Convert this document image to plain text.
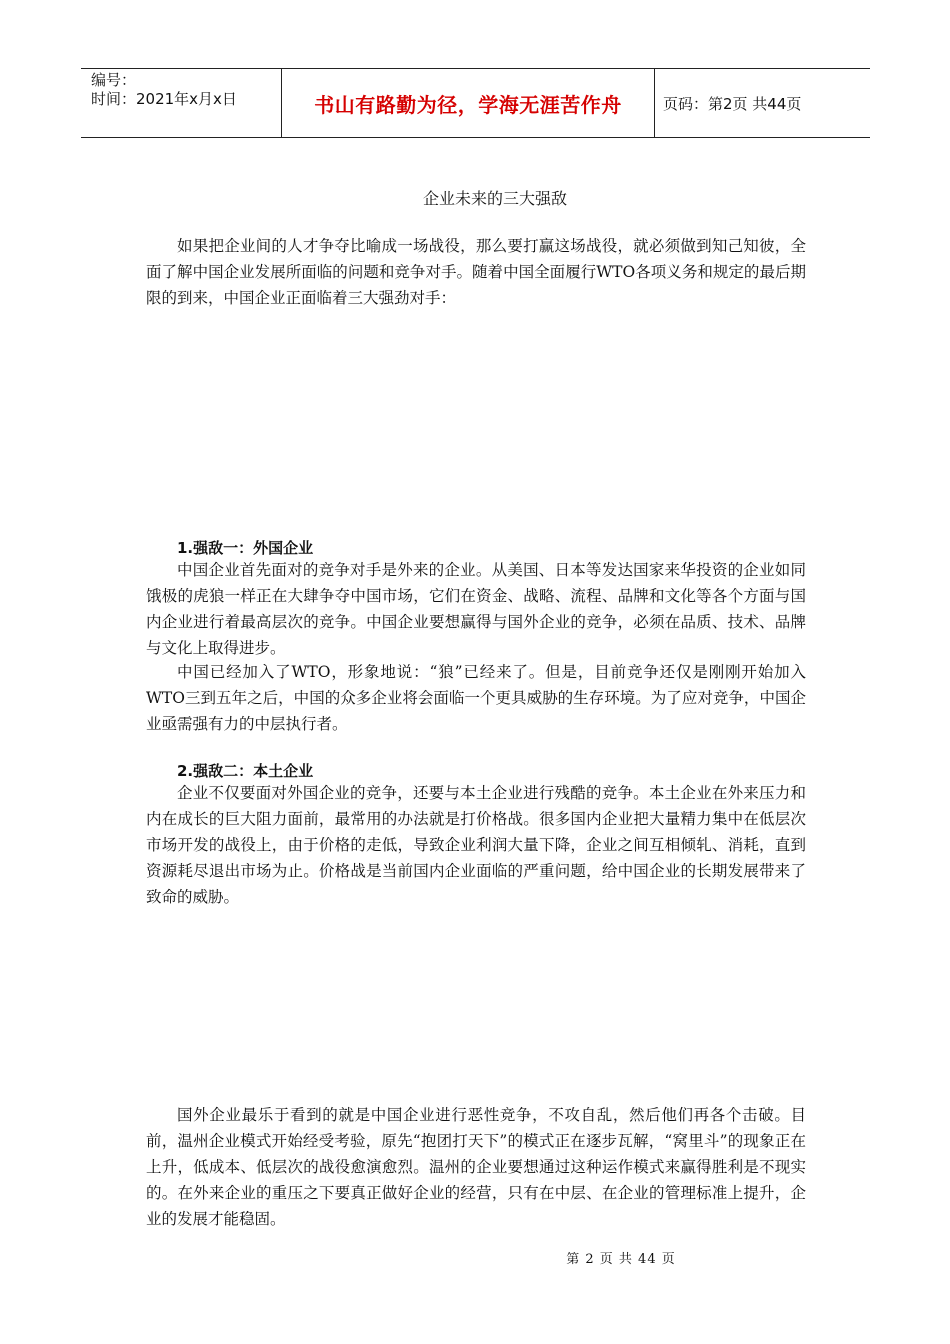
编号：
时间：2021年x月x日	书山有路勤为径，学海无涯苦作舟	页码：第2页 共44页
企业未来的三大强敌

如果把企业间的人才争夺比喻成一场战役，那么要打赢这场战役，就必须做到知己知彼，全面了解中国企业发展所面临的问题和竞争对手。随着中国全面履行WTO各项义务和规定的最后期限的到来，中国企业正面临着三大强劲对手：

1.强敌一：外国企业

中国企业首先面对的竞争对手是外来的企业。从美国、日本等发达国家来华投资的企业如同饿极的虎狼一样正在大肆争夺中国市场，它们在资金、战略、流程、品牌和文化等各个方面与国内企业进行着最高层次的竞争。中国企业要想赢得与国外企业的竞争，必须在品质、技术、品牌与文化上取得进步。

中国已经加入了WTO，形象地说：“狼”已经来了。但是，目前竞争还仅是刚刚开始加入WTO三到五年之后，中国的众多企业将会面临一个更具威胁的生存环境。为了应对竞争，中国企业亟需强有力的中层执行者。

2.强敌二：本土企业

企业不仅要面对外国企业的竞争，还要与本土企业进行残酷的竞争。本土企业在外来压力和内在成长的巨大阻力面前，最常用的办法就是打价格战。很多国内企业把大量精力集中在低层次市场开发的战役上，由于价格的走低，导致企业利润大量下降，企业之间互相倾轧、消耗，直到资源耗尽退出市场为止。价格战是当前国内企业面临的严重问题，给中国企业的长期发展带来了致命的威胁。

国外企业最乐于看到的就是中国企业进行恶性竞争，不攻自乱，然后他们再各个击破。目前，温州企业模式开始经受考验，原先“抱团打天下”的模式正在逐步瓦解，“窝里斗”的现象正在上升，低成本、低层次的战役愈演愈烈。温州的企业要想通过这种运作模式来赢得胜利是不现实的。在外来企业的重压之下要真正做好企业的经营，只有在中层、在企业的管理标准上提升，企业的发展才能稳固。

第 2 页 共 44 页
